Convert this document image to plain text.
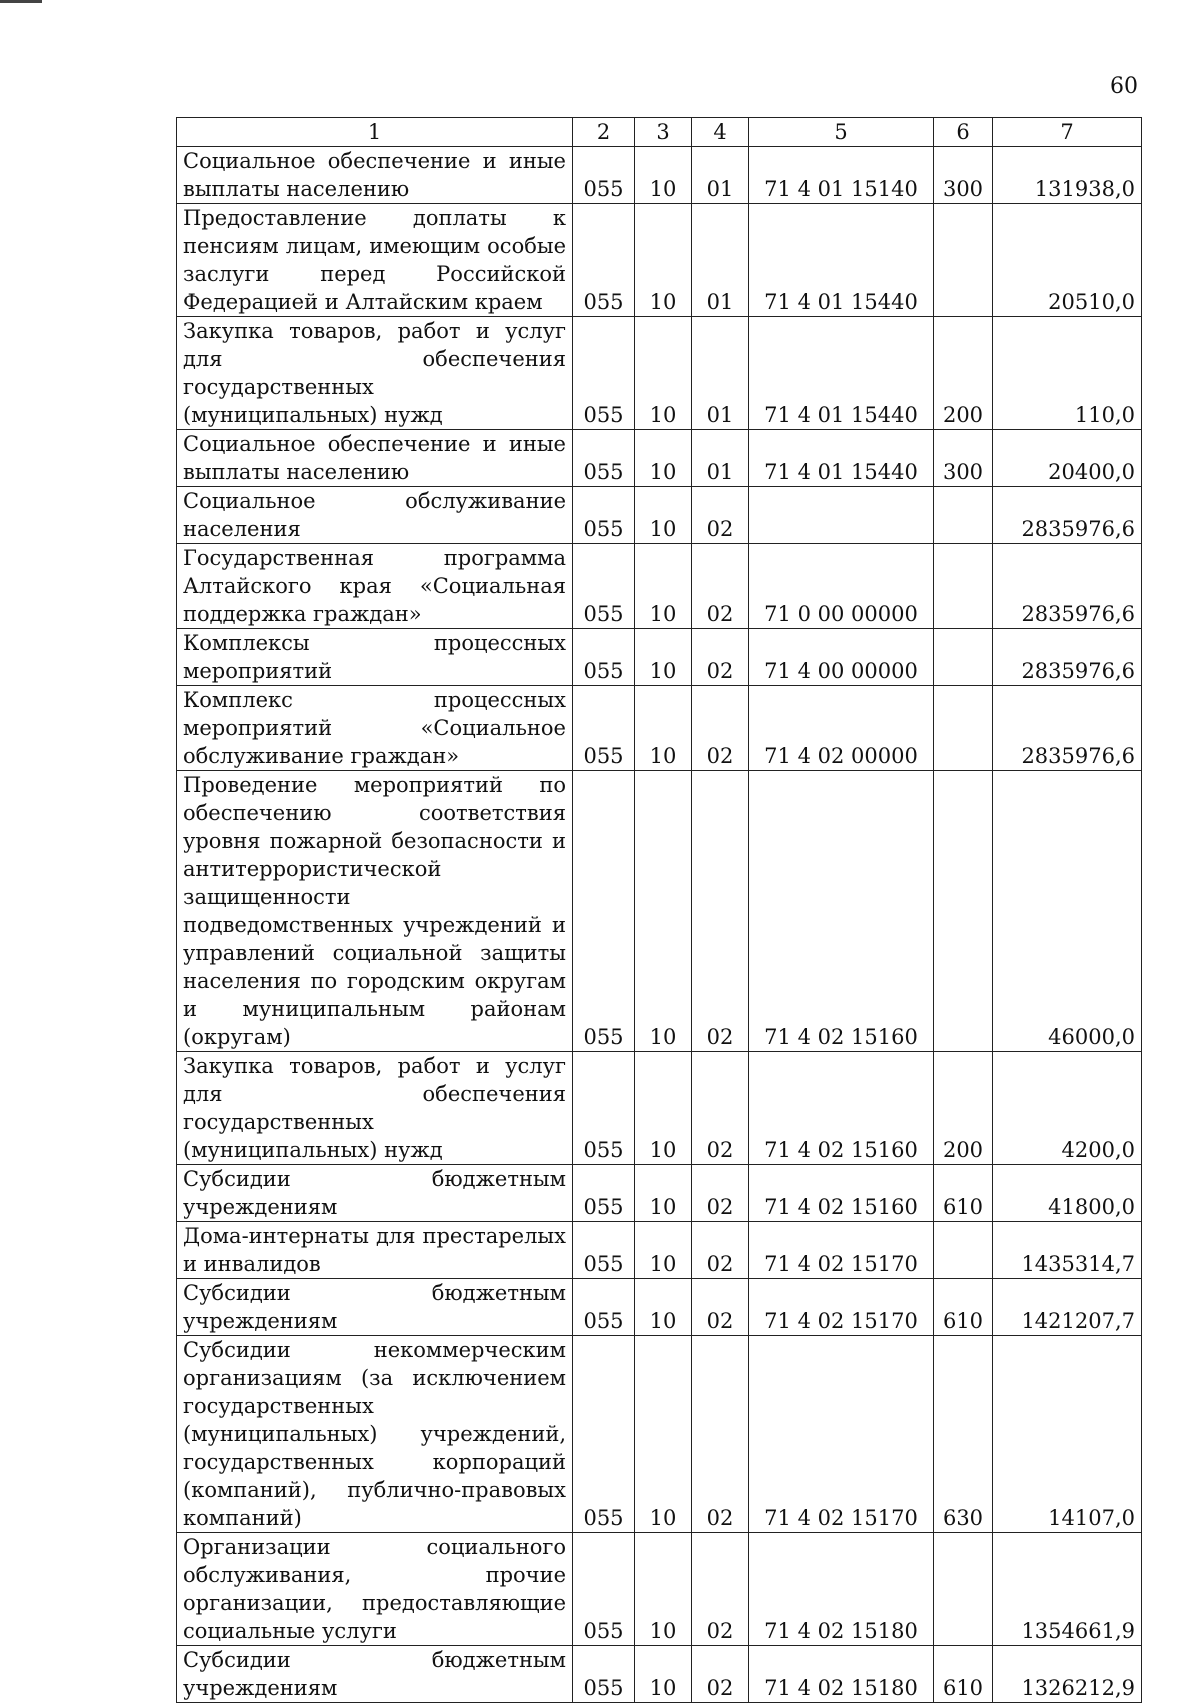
60
1	2	3	4	5	6	7
Социальное обеспечение и иные выплаты населению	055	10	01	71 4 01 15140	300	131938,0
Предоставление доплаты к пенсиям лицам, имеющим особые заслуги перед Российской Федерацией и Алтайским краем	055	10	01	71 4 01 15440		20510,0
Закупка товаров, работ и услуг для обеспечения государственных (муниципальных) нужд	055	10	01	71 4 01 15440	200	110,0
Социальное обеспечение и иные выплаты населению	055	10	01	71 4 01 15440	300	20400,0
Социальное обслуживание населения	055	10	02			2835976,6
Государственная программа Алтайского края «Социальная поддержка граждан»	055	10	02	71 0 00 00000		2835976,6
Комплексы процессных мероприятий	055	10	02	71 4 00 00000		2835976,6
Комплекс процессных мероприятий «Социальное обслуживание граждан»	055	10	02	71 4 02 00000		2835976,6
Проведение мероприятий по обеспечению соответствия уровня пожарной безопасности и антитеррористической защищенности подведомственных учреждений и управлений социальной защиты населения по городским округам и муниципальным районам (округам)	055	10	02	71 4 02 15160		46000,0
Закупка товаров, работ и услуг для обеспечения государственных (муниципальных) нужд	055	10	02	71 4 02 15160	200	4200,0
Субсидии бюджетным учреждениям	055	10	02	71 4 02 15160	610	41800,0
Дома-интернаты для престарелых и инвалидов	055	10	02	71 4 02 15170		1435314,7
Субсидии бюджетным учреждениям	055	10	02	71 4 02 15170	610	1421207,7
Субсидии некоммерческим организациям (за исключением государственных (муниципальных) учреждений, государственных корпораций (компаний), публично-правовых компаний)	055	10	02	71 4 02 15170	630	14107,0
Организации социального обслуживания, прочие организации, предоставляющие социальные услуги	055	10	02	71 4 02 15180		1354661,9
Субсидии бюджетным учреждениям	055	10	02	71 4 02 15180	610	1326212,9
